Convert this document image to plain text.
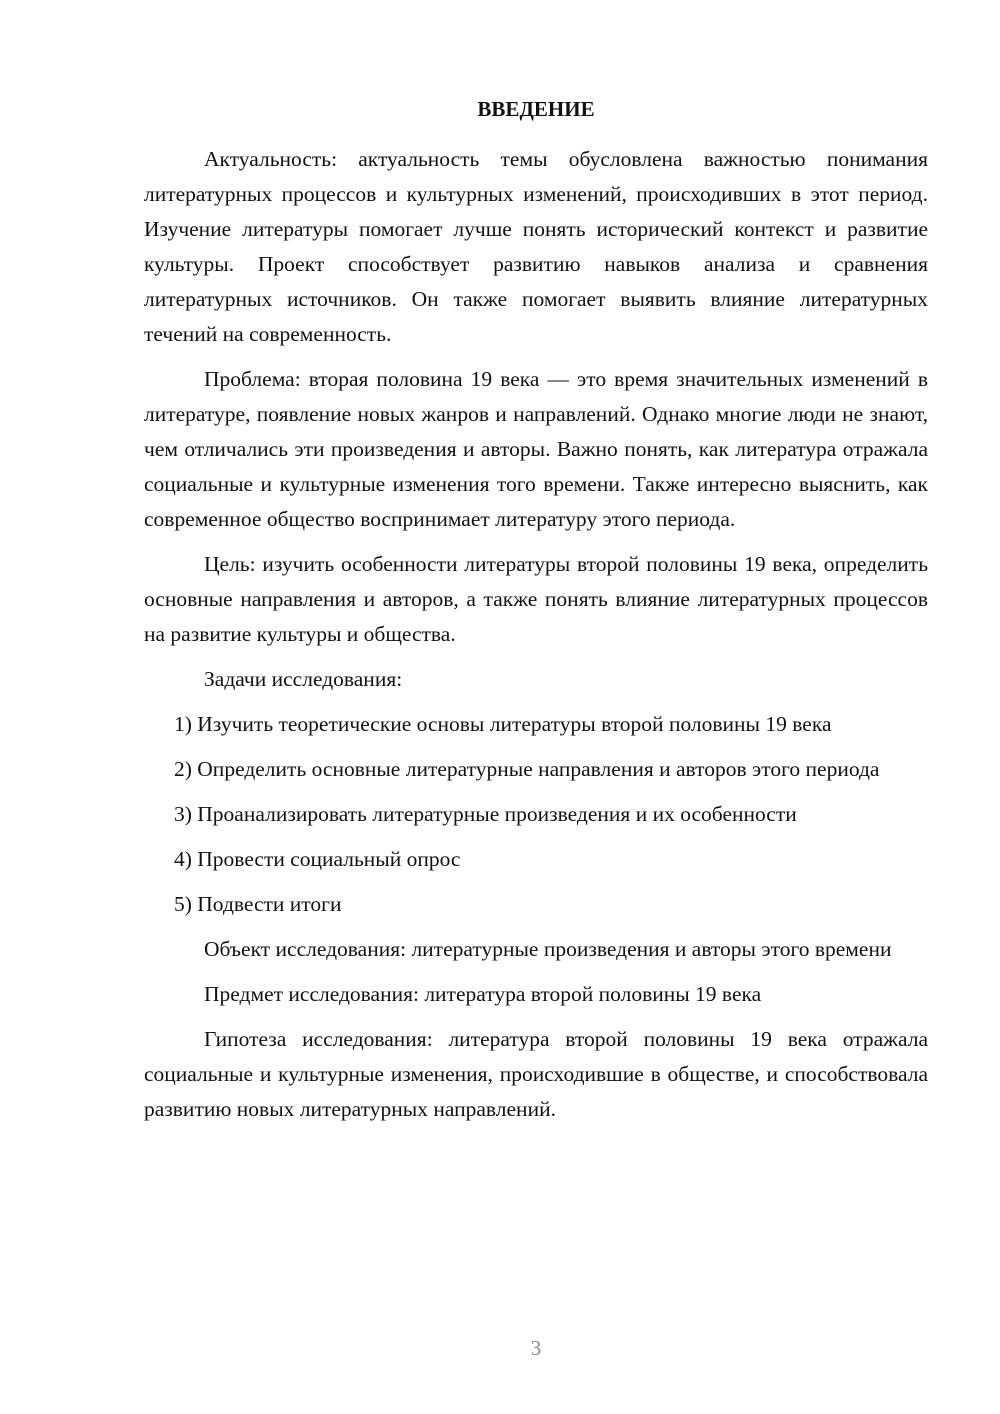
ВВЕДЕНИЕ

Актуальность: актуальность темы обусловлена важностью понимания литературных процессов и культурных изменений, происходивших в этот период. Изучение литературы помогает лучше понять исторический контекст и развитие культуры. Проект способствует развитию навыков анализа и сравнения литературных источников. Он также помогает выявить влияние литературных течений на современность.

Проблема: вторая половина 19 века — это время значительных изменений в литературе, появление новых жанров и направлений. Однако многие люди не знают, чем отличались эти произведения и авторы. Важно понять, как литература отражала социальные и культурные изменения того времени. Также интересно выяснить, как современное общество воспринимает литературу этого периода.

Цель: изучить особенности литературы второй половины 19 века, определить основные направления и авторов, а также понять влияние литературных процессов на развитие культуры и общества.

Задачи исследования:

1) Изучить теоретические основы литературы второй половины 19 века

2) Определить основные литературные направления и авторов этого периода

3) Проанализировать литературные произведения и их особенности

4) Провести социальный опрос

5) Подвести итоги

Объект исследования: литературные произведения и авторы этого времени

Предмет исследования: литература второй половины 19 века

Гипотеза исследования: литература второй половины 19 века отражала социальные и культурные изменения, происходившие в обществе, и способствовала развитию новых литературных направлений.

3
